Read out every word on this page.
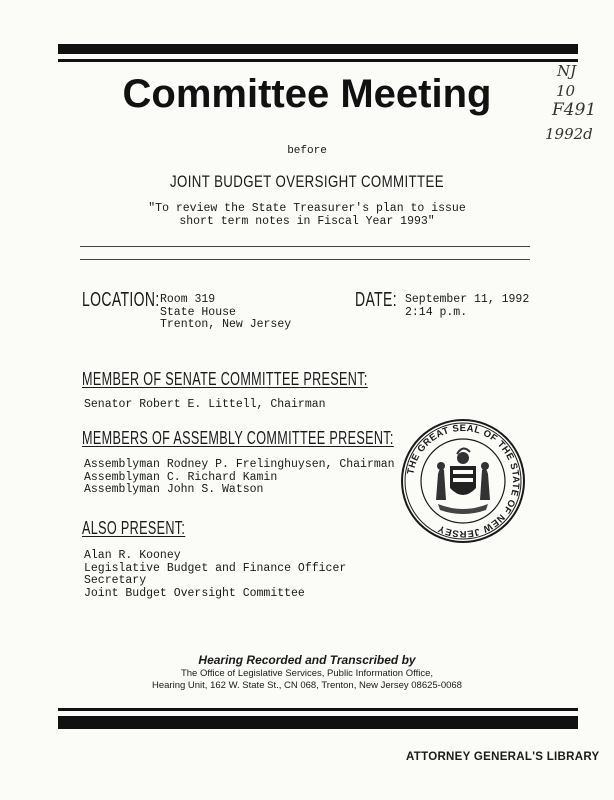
NJ
10
F491
1992d
Committee Meeting
before
JOINT BUDGET OVERSIGHT COMMITTEE
"To review the State Treasurer's plan to issue
short term notes in Fiscal Year 1993"
LOCATION: Room 319
State House
Trenton, New Jersey
DATE: September 11, 1992
2:14 p.m.
MEMBER OF SENATE COMMITTEE PRESENT:
Senator Robert E. Littell, Chairman
MEMBERS OF ASSEMBLY COMMITTEE PRESENT:
Assemblyman Rodney P. Frelinghuysen, Chairman
Assemblyman C. Richard Kamin
Assemblyman John S. Watson
THE GREAT SEAL OF THE STATE OF NEW JERSEY
ALSO PRESENT:
Alan R. Kooney
Legislative Budget and Finance Officer
Secretary
Joint Budget Oversight Committee
Hearing Recorded and Transcribed by
The Office of Legislative Services, Public Information Office,
Hearing Unit, 162 W. State St., CN 068, Trenton, New Jersey 08625-0068
ATTORNEY GENERAL'S LIBRARY
